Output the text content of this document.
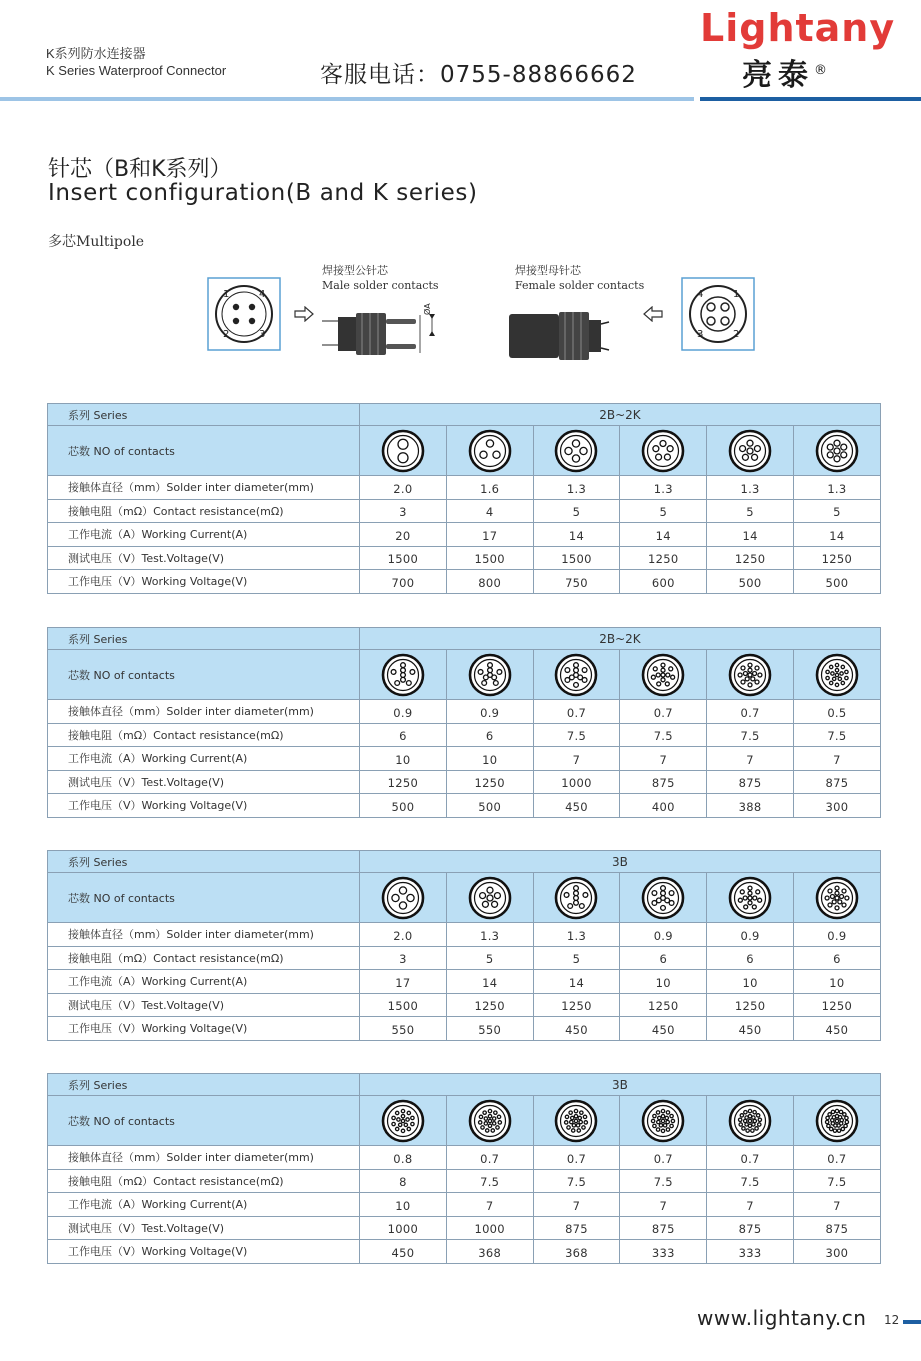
K系列防水连接器
K Series Waterproof Connector	客服电话：0755-88866662
Lightany
亮泰®
针芯（B和K系列）
Insert configuration(B and K series)
多芯Multipole
1	4
2	3
焊接型公针芯
Male solder contacts
ØA
焊接型母针芯
Female solder contacts
4	1
3	2
系列 Series	2B~2K					
芯数 NO of contacts	

接触体直径（mm）Solder inter diameter(mm)	2.0	1.6	1.3	1.3	1.3	1.3
接触电阻（mΩ）Contact resistance(mΩ)	3	4	5	5	5	5
工作电流（A）Working Current(A)	20	17	14	14	14	14
测试电压（V）Test.Voltage(V)	1500	1500	1500	1250	1250	1250
工作电压（V）Working Voltage(V)	700	800	750	600	500	500
系列 Series	2B~2K					
芯数 NO of contacts	

接触体直径（mm）Solder inter diameter(mm)	0.9	0.9	0.7	0.7	0.7	0.5
接触电阻（mΩ）Contact resistance(mΩ)	6	6	7.5	7.5	7.5	7.5
工作电流（A）Working Current(A)	10	10	7	7	7	7
测试电压（V）Test.Voltage(V)	1250	1250	1000	875	875	875
工作电压（V）Working Voltage(V)	500	500	450	400	388	300
系列 Series	3B					
芯数 NO of contacts	

接触体直径（mm）Solder inter diameter(mm)	2.0	1.3	1.3	0.9	0.9	0.9
接触电阻（mΩ）Contact resistance(mΩ)	3	5	5	6	6	6
工作电流（A）Working Current(A)	17	14	14	10	10	10
测试电压（V）Test.Voltage(V)	1500	1250	1250	1250	1250	1250
工作电压（V）Working Voltage(V)	550	550	450	450	450	450
系列 Series	3B					
芯数 NO of contacts	

接触体直径（mm）Solder inter diameter(mm)	0.8	0.7	0.7	0.7	0.7	0.7
接触电阻（mΩ）Contact resistance(mΩ)	8	7.5	7.5	7.5	7.5	7.5
工作电流（A）Working Current(A)	10	7	7	7	7	7
测试电压（V）Test.Voltage(V)	1000	1000	875	875	875	875
工作电压（V）Working Voltage(V)	450	368	368	333	333	300
www.lightany.cn 12
